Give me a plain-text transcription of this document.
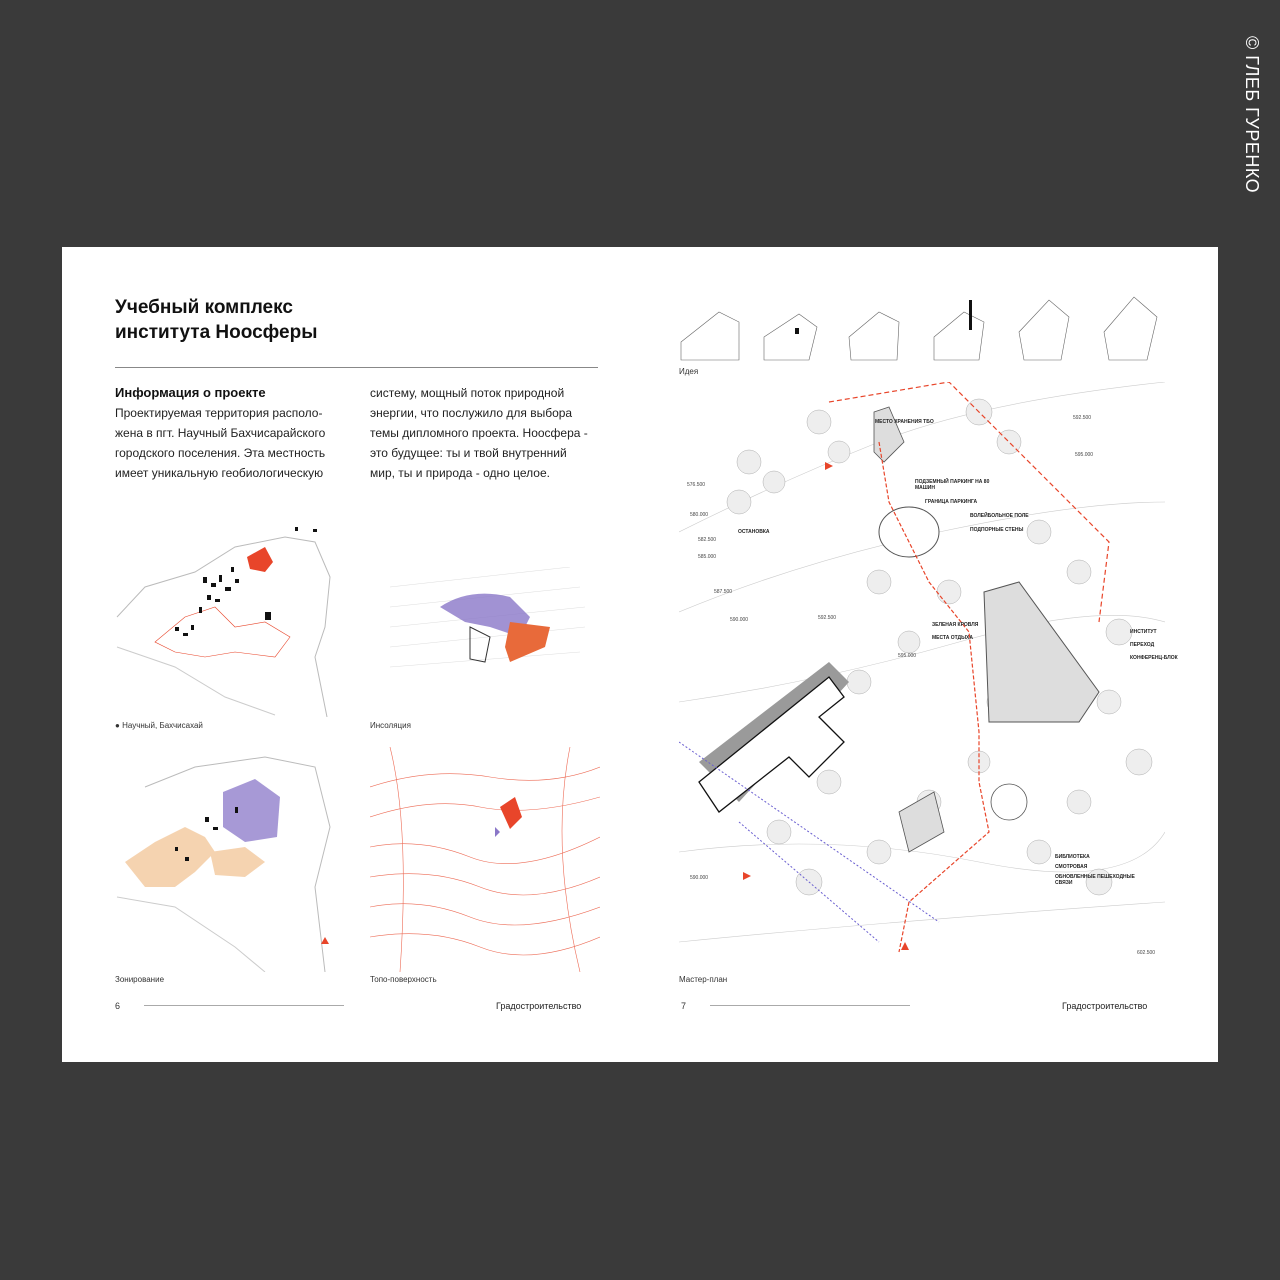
© ГЛЕБ ГУРЕНКО
Учебный комплекс института Ноосферы
Информация о проекте
Проектируемая территория располо-
жена в пгт. Научный Бахчисарайского
городского поселения. Эта местность
имеет уникальную геобиологическую
систему, мощный поток природной
энергии, что послужило для выбора
темы дипломного проекта. Ноосфера -
это будущее: ты и твой внутренний
мир, ты и природа - одно целое.
● Научный, Бахчисахай	Инсоляция
Зонирование	Топо-поверхность
6	Градостроительство
Идея
МЕСТО ХРАНЕНИЯ ТБО
ПОДЗЕМНЫЙ ПАРКИНГ НА 80 МАШИН
ГРАНИЦА ПАРКИНГА
ВОЛЕЙБОЛЬНОЕ ПОЛЕ
ПОДПОРНЫЕ СТЕНЫ
ОСТАНОВКА
ЗЕЛЕНАЯ КРОВЛЯ
МЕСТА ОТДЫХА
ИНСТИТУТ
ПЕРЕХОД
КОНФЕРЕНЦ-БЛОК
БИБЛИОТЕКА
СМОТРОВАЯ
ОБНОВЛЕННЫЕ ПЕШЕХОДНЫЕ СВЯЗИ
592.500
595.000
580.000
582.500
585.000
587.500
590.000	592.500
595.000
590.000
602.500
576.500
Мастер-план
7	Градостроительство
